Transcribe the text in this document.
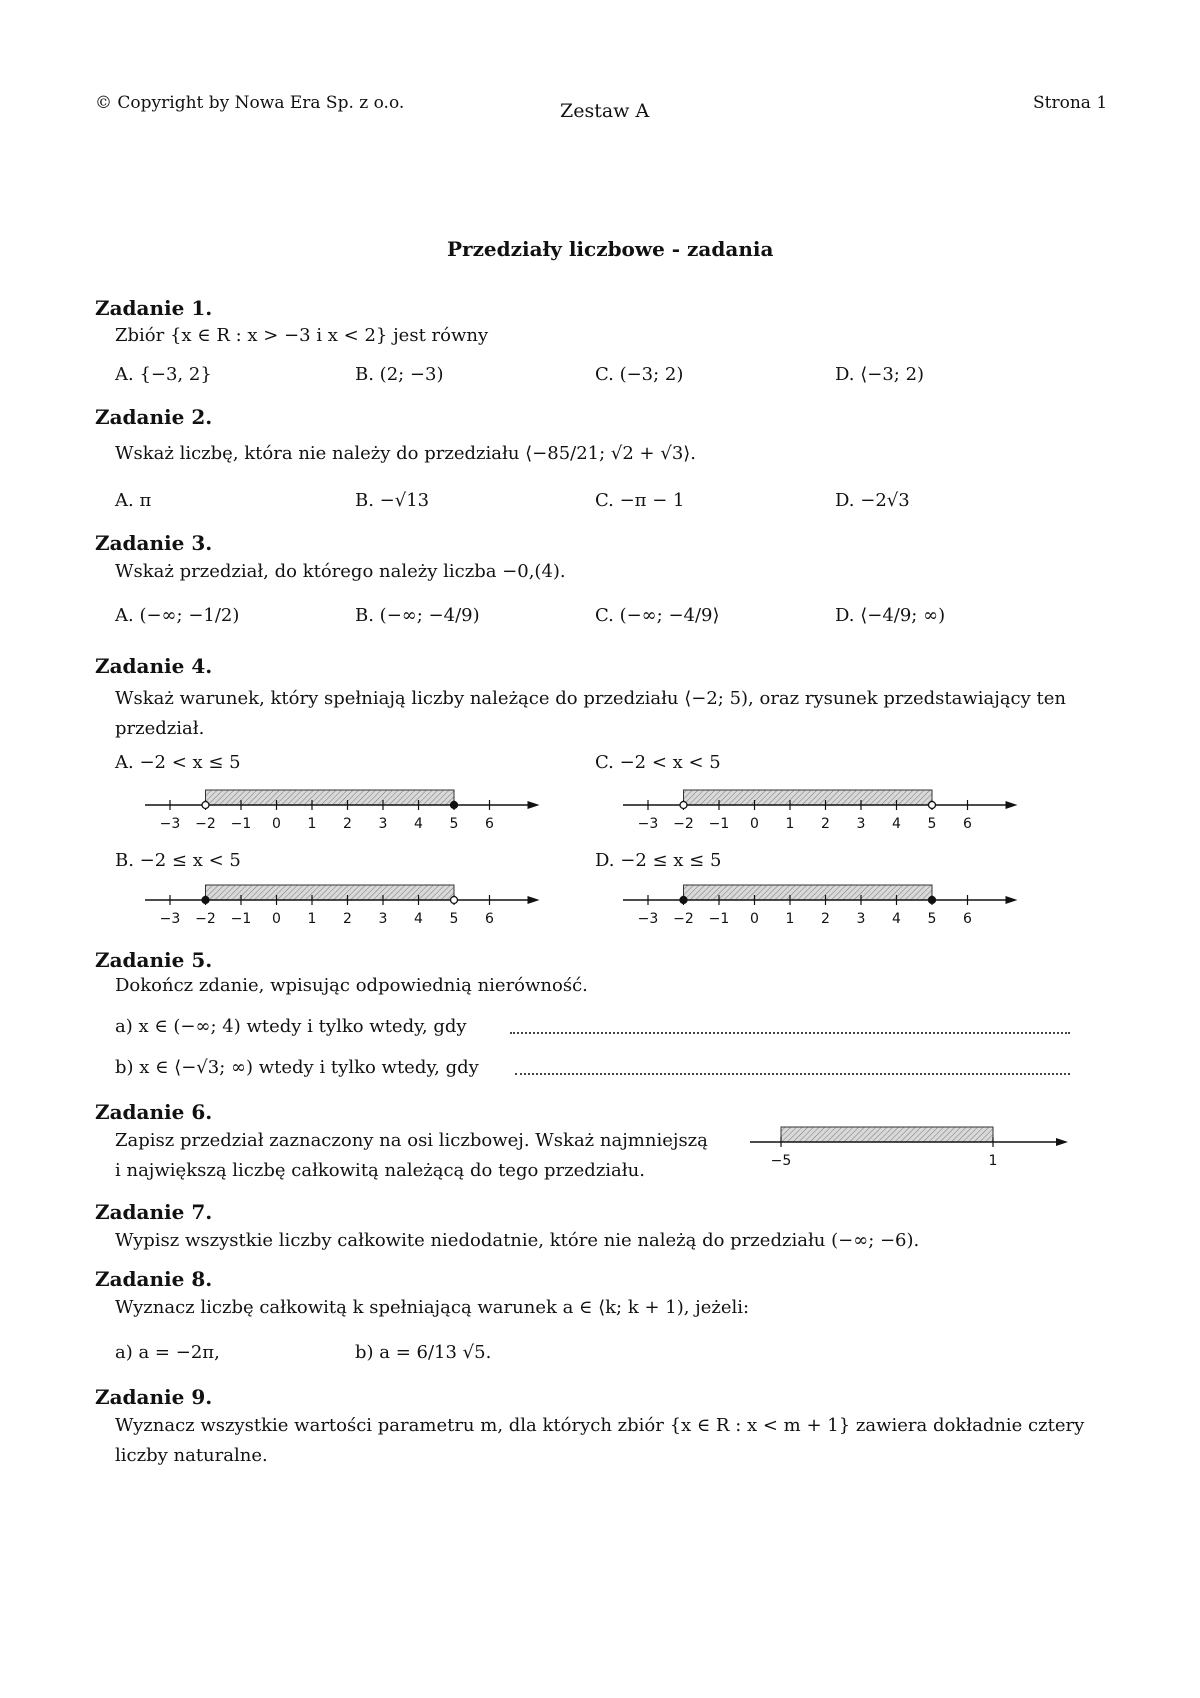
© Copyright by Nowa Era Sp. z o.o.	Zestaw A	Strona 1
Przedziały liczbowe - zadania
Zadanie 1.
Zbiór {x ∈ R : x > −3 i x < 2} jest równy
A. {−3, 2}	B. (2; −3)	C. (−3; 2)	D. ⟨−3; 2)
Zadanie 2.
Wskaż liczbę, która nie należy do przedziału ⟨−85/21; √2 + √3⟩.
A. π	B. −√13	C. −π − 1	D. −2√3
Zadanie 3.
Wskaż przedział, do którego należy liczba −0,(4).
A. (−∞; −1/2)	B. (−∞; −4/9)	C. (−∞; −4/9⟩	D. ⟨−4/9; ∞)
Zadanie 4.
Wskaż warunek, który spełniają liczby należące do przedziału ⟨−2; 5), oraz rysunek przedstawiający ten przedział.
A. −2 < x ≤ 5	C. −2 < x < 5
B. −2 ≤ x < 5	D. −2 ≤ x ≤ 5
−3 −2 −1 0 1 2 3 4 5 6	−3 −2 −1 0 1 2 3 4 5 6
−3 −2 −1 0 1 2 3 4 5 6	−3 −2 −1 0 1 2 3 4 5 6
−5	1
Zadanie 5.
Dokończ zdanie, wpisując odpowiednią nierówność.
a) x ∈ (−∞; 4) wtedy i tylko wtedy, gdy
b) x ∈ ⟨−√3; ∞) wtedy i tylko wtedy, gdy
Zadanie 6.
Zapisz przedział zaznaczony na osi liczbowej. Wskaż najmniejszą
i największą liczbę całkowitą należącą do tego przedziału.
Zadanie 7.
Wypisz wszystkie liczby całkowite niedodatnie, które nie należą do przedziału (−∞; −6).
Zadanie 8.
Wyznacz liczbę całkowitą k spełniającą warunek a ∈ ⟨k; k + 1), jeżeli:
a) a = −2π,	b) a = 6/13 √5.
Zadanie 9.
Wyznacz wszystkie wartości parametru m, dla których zbiór {x ∈ R : x < m + 1} zawiera dokładnie cztery
liczby naturalne.
